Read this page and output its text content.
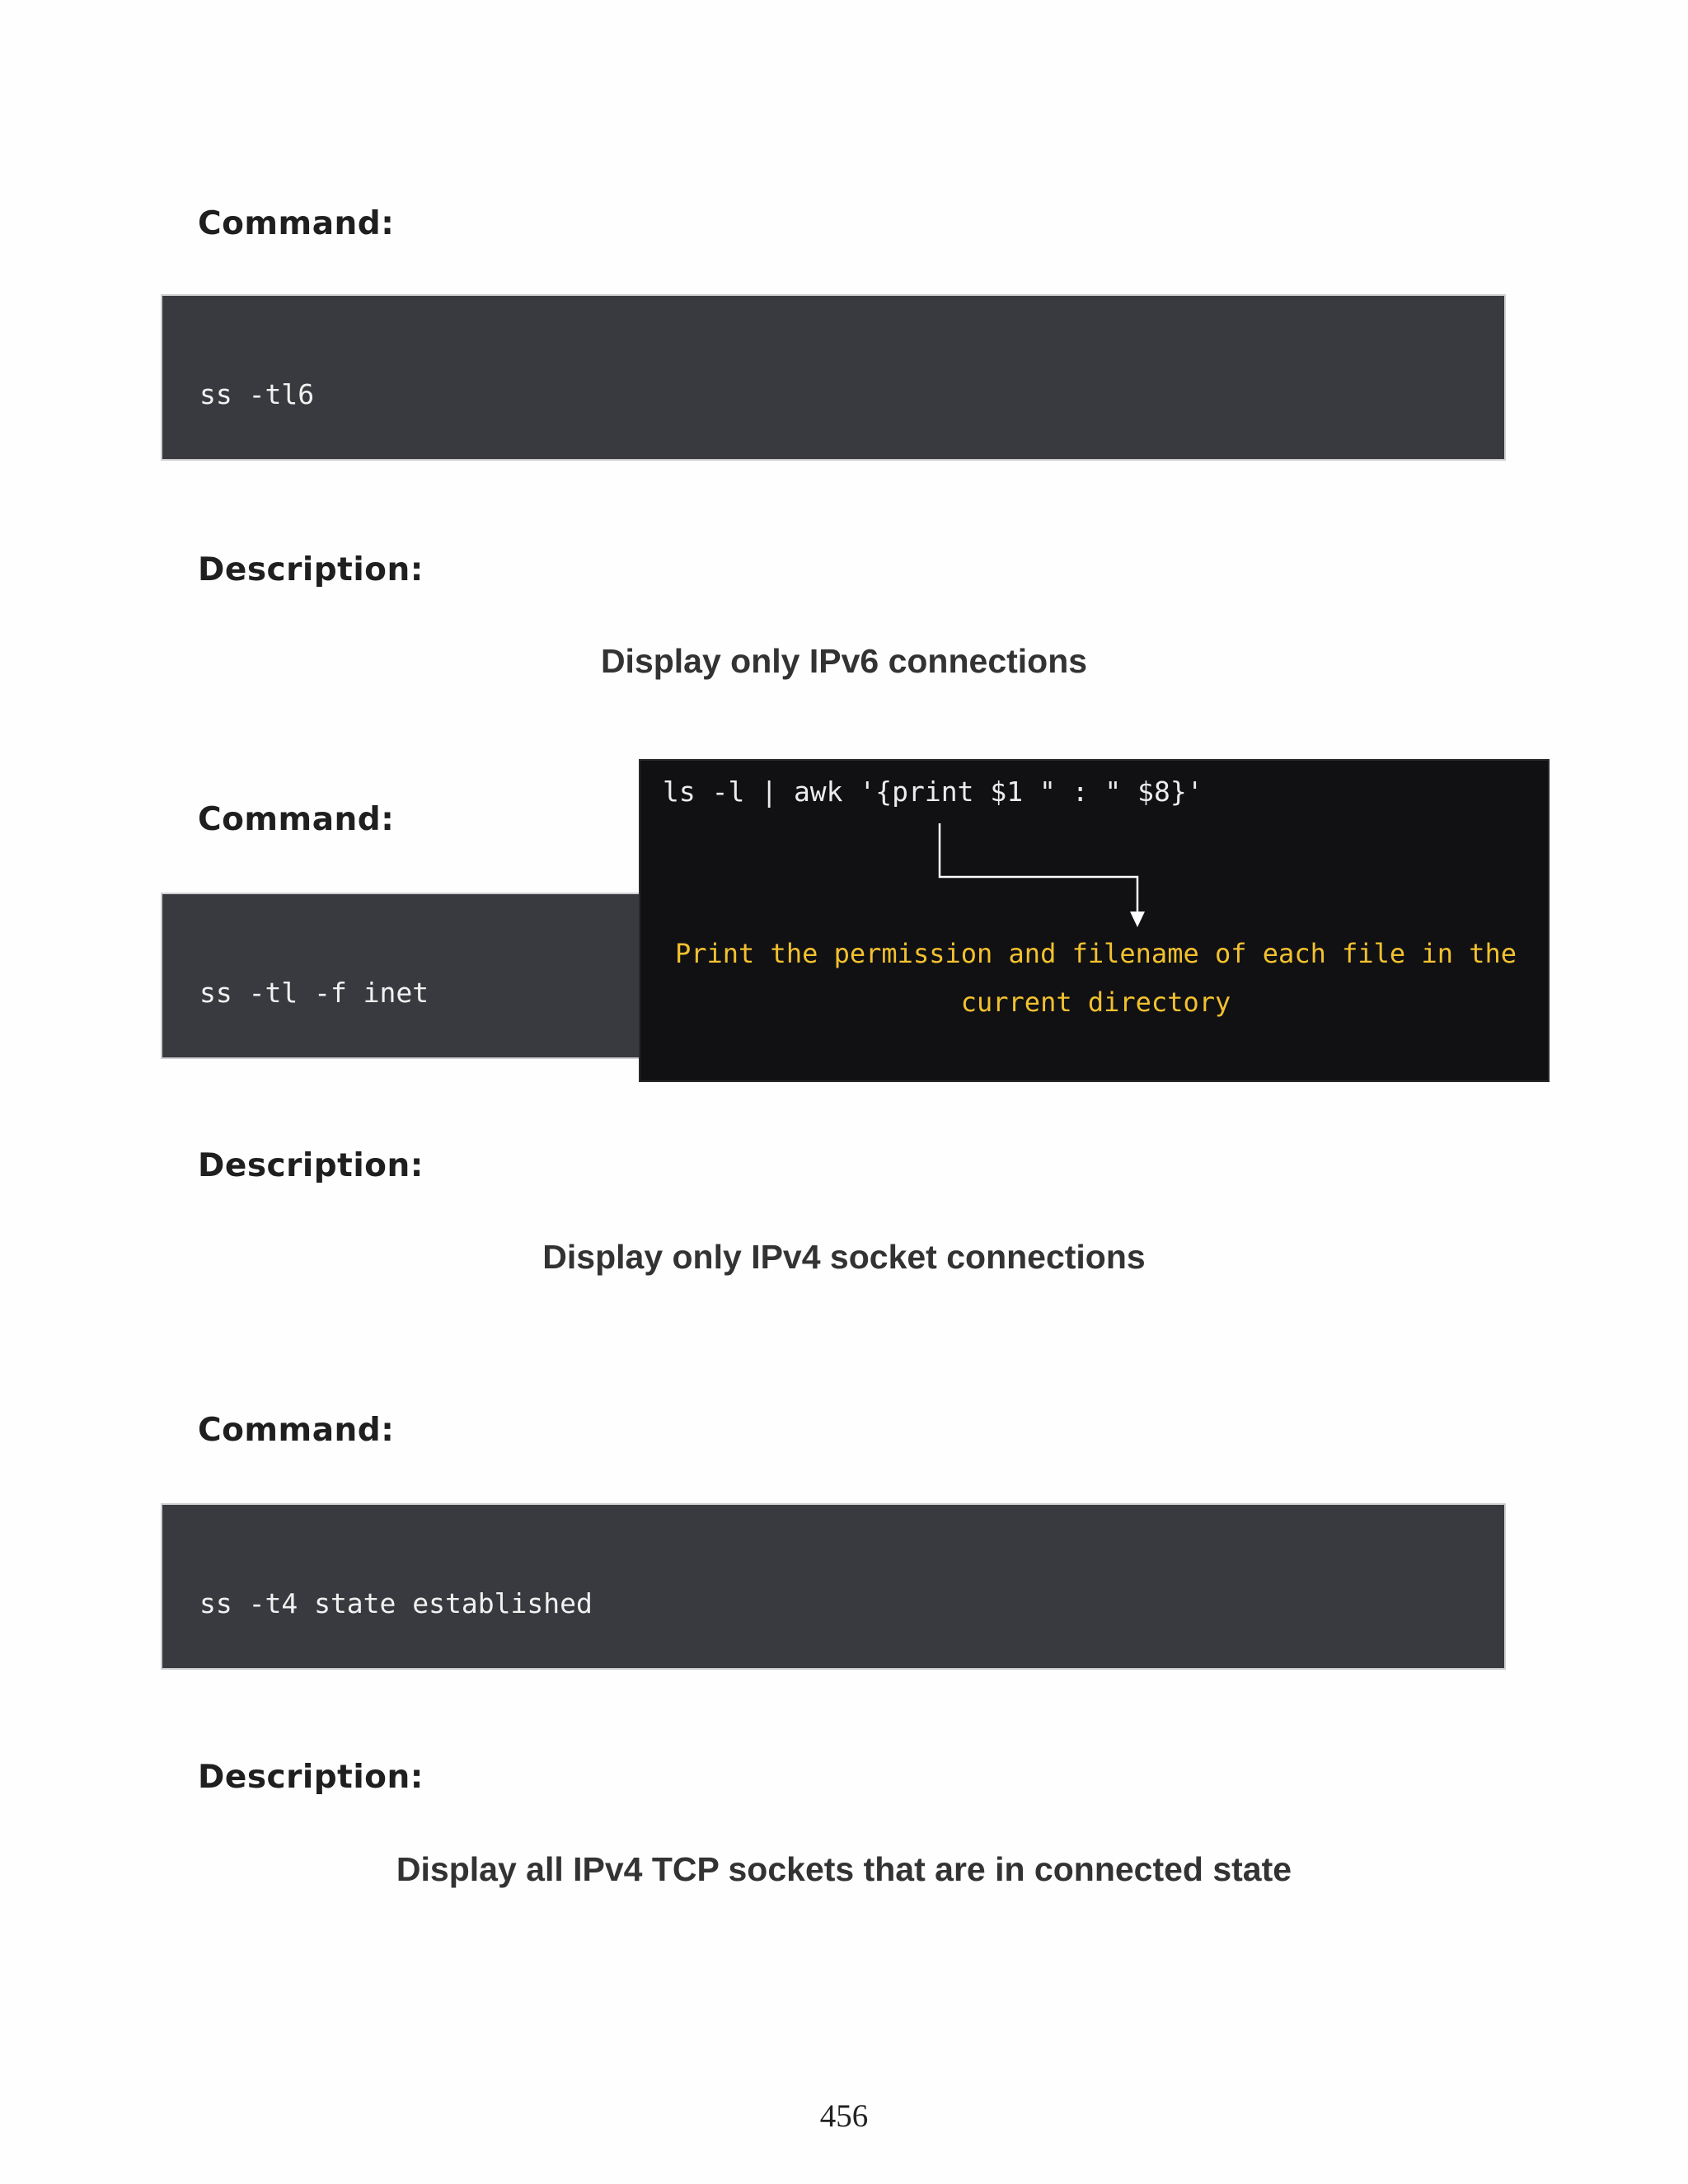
Command:
ss -tl6
Description:

Display only IPv6 connections

Command:
ss -tl -f inet
Description:

Display only IPv4 socket connections

Command:
ss -t4 state established
Description:

Display all IPv4 TCP sockets that are in connected state

ls -l | awk '{print $1 " : " $8}'

Print the permission and filename of each file in the current directory

456
